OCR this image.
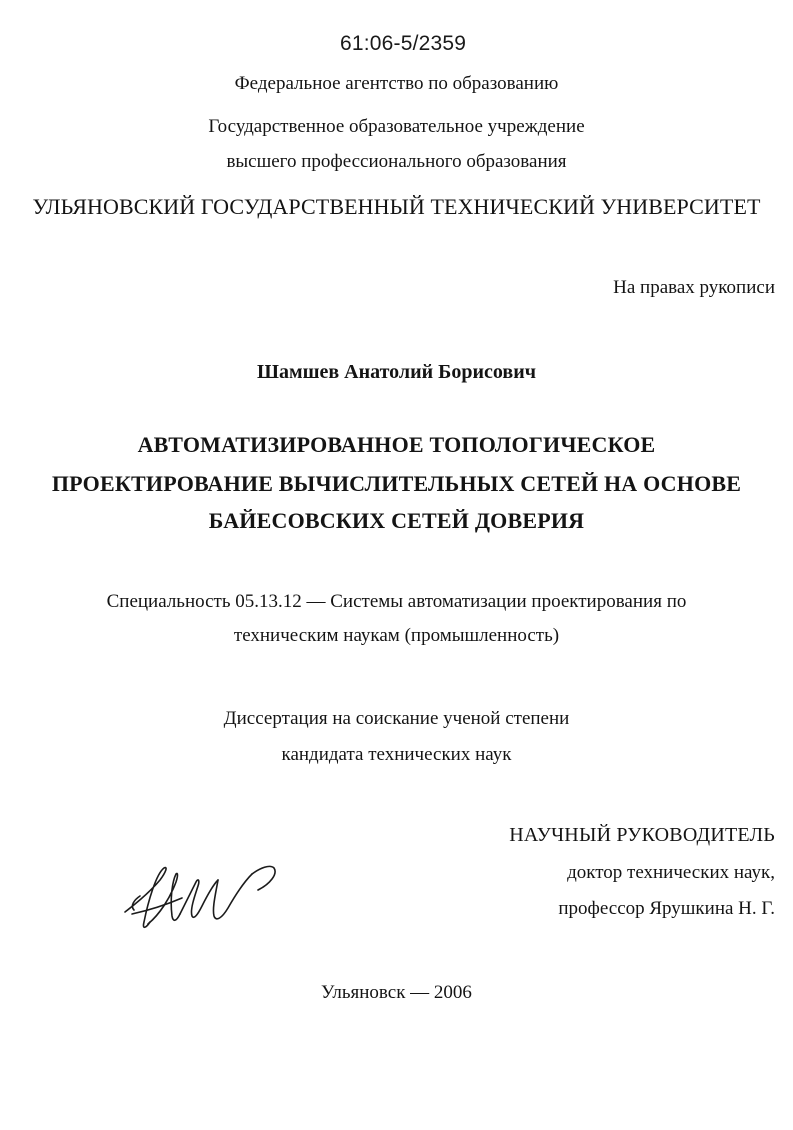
61:06-5/2359
Федеральное агентство по образованию
Государственное образовательное учреждение
высшего профессионального образования
УЛЬЯНОВСКИЙ ГОСУДАРСТВЕННЫЙ ТЕХНИЧЕСКИЙ УНИВЕРСИТЕТ
На правах рукописи
Шамшев Анатолий Борисович
АВТОМАТИЗИРОВАННОЕ ТОПОЛОГИЧЕСКОЕ
ПРОЕКТИРОВАНИЕ ВЫЧИСЛИТЕЛЬНЫХ СЕТЕЙ НА ОСНОВЕ
БАЙЕСОВСКИХ СЕТЕЙ ДОВЕРИЯ
Специальность 05.13.12 — Системы автоматизации проектирования по
техническим наукам (промышленность)
Диссертация на соискание ученой степени
кандидата технических наук
НАУЧНЫЙ РУКОВОДИТЕЛЬ
доктор технических наук,
профессор Ярушкина Н. Г.
Ульяновск — 2006
